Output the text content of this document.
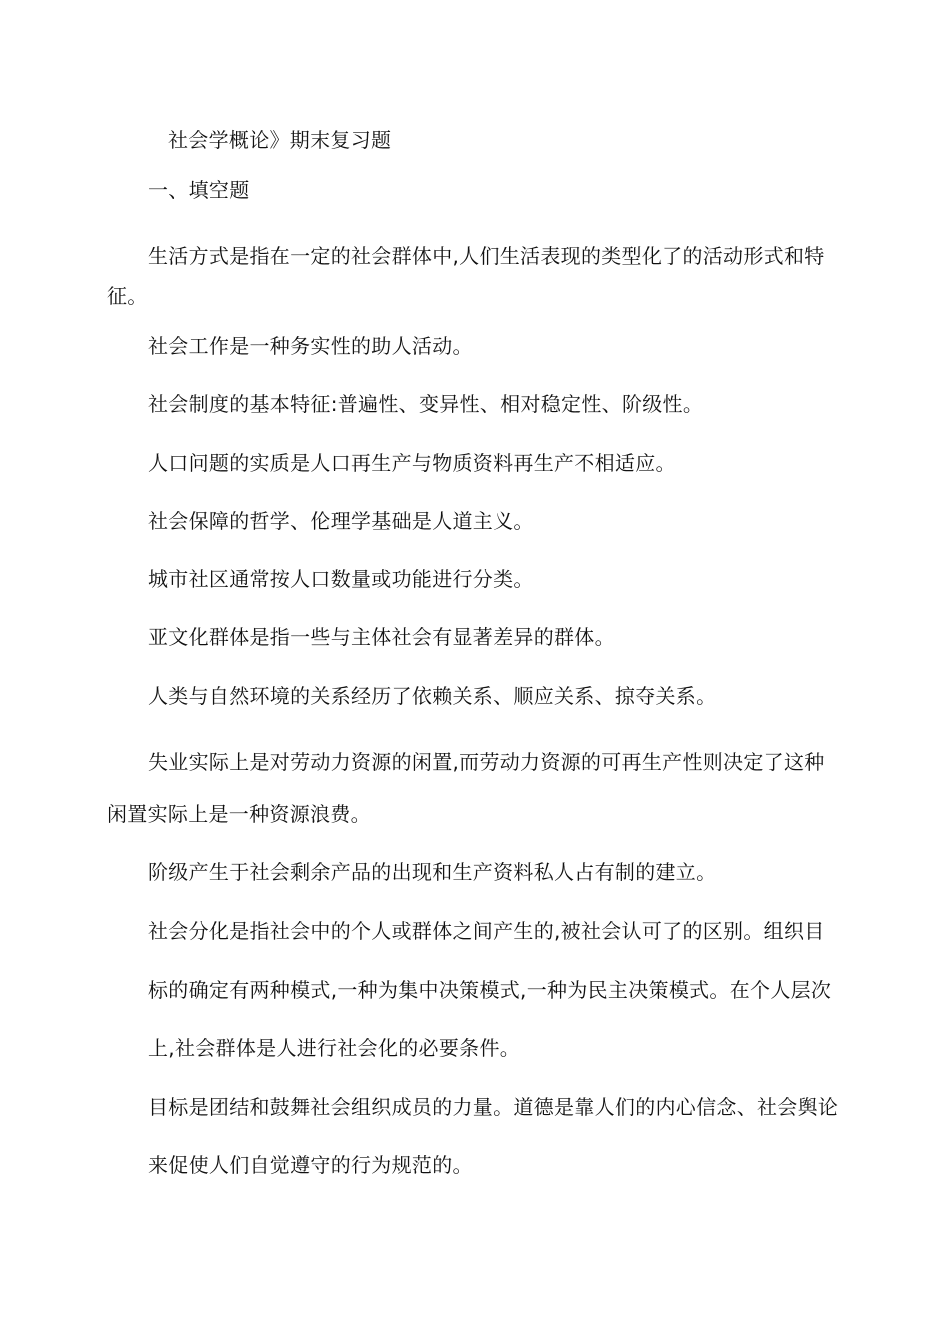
社会学概论》期末复习题
一、填空题
生活方式是指在一定的社会群体中,人们生活表现的类型化了的活动形式和特
征。
社会工作是一种务实性的助人活动。
社会制度的基本特征:普遍性、变异性、相对稳定性、阶级性。
人口问题的实质是人口再生产与物质资料再生产不相适应。
社会保障的哲学、伦理学基础是人道主义。
城市社区通常按人口数量或功能进行分类。
亚文化群体是指一些与主体社会有显著差异的群体。
人类与自然环境的关系经历了依赖关系、顺应关系、掠夺关系。
失业实际上是对劳动力资源的闲置,而劳动力资源的可再生产性则决定了这种
闲置实际上是一种资源浪费。
阶级产生于社会剩余产品的出现和生产资料私人占有制的建立。
社会分化是指社会中的个人或群体之间产生的,被社会认可了的区别。组织目
标的确定有两种模式,一种为集中决策模式,一种为民主决策模式。在个人层次
上,社会群体是人进行社会化的必要条件。
目标是团结和鼓舞社会组织成员的力量。道德是靠人们的内心信念、社会舆论
来促使人们自觉遵守的行为规范的。
